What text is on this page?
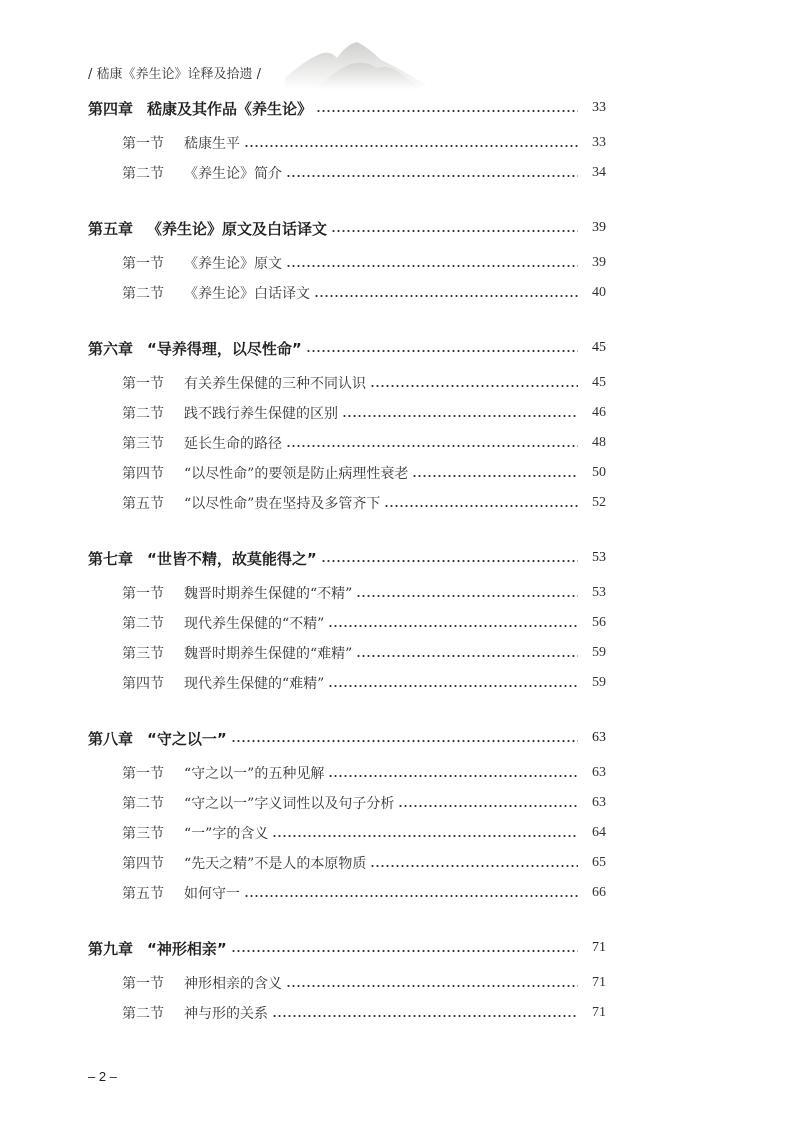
/ 嵇康《养生论》诠释及拾遗 /
第四章 嵇康及其作品《养生论》	33
第一节 嵇康生平	33
第二节 《养生论》简介	34
第五章 《养生论》原文及白话译文	39
第一节 《养生论》原文	39
第二节 《养生论》白话译文	40
第六章 “导养得理，以尽性命”	45
第一节 有关养生保健的三种不同认识	45
第二节 践不践行养生保健的区别	46
第三节 延长生命的路径	48
第四节 “以尽性命”的要领是防止病理性衰老	50
第五节 “以尽性命”贵在坚持及多管齐下	52
第七章 “世皆不精，故莫能得之”	53
第一节 魏晋时期养生保健的“不精”	53
第二节 现代养生保健的“不精”	56
第三节 魏晋时期养生保健的“难精”	59
第四节 现代养生保健的“难精”	59
第八章 “守之以一”	63
第一节 “守之以一”的五种见解	63
第二节 “守之以一”字义词性以及句子分析	63
第三节 “一”字的含义	64
第四节 “先天之精”不是人的本原物质	65
第五节 如何守一	66
第九章 “神形相亲”	71
第一节 神形相亲的含义	71
第二节 神与形的关系	71
– 2 –
